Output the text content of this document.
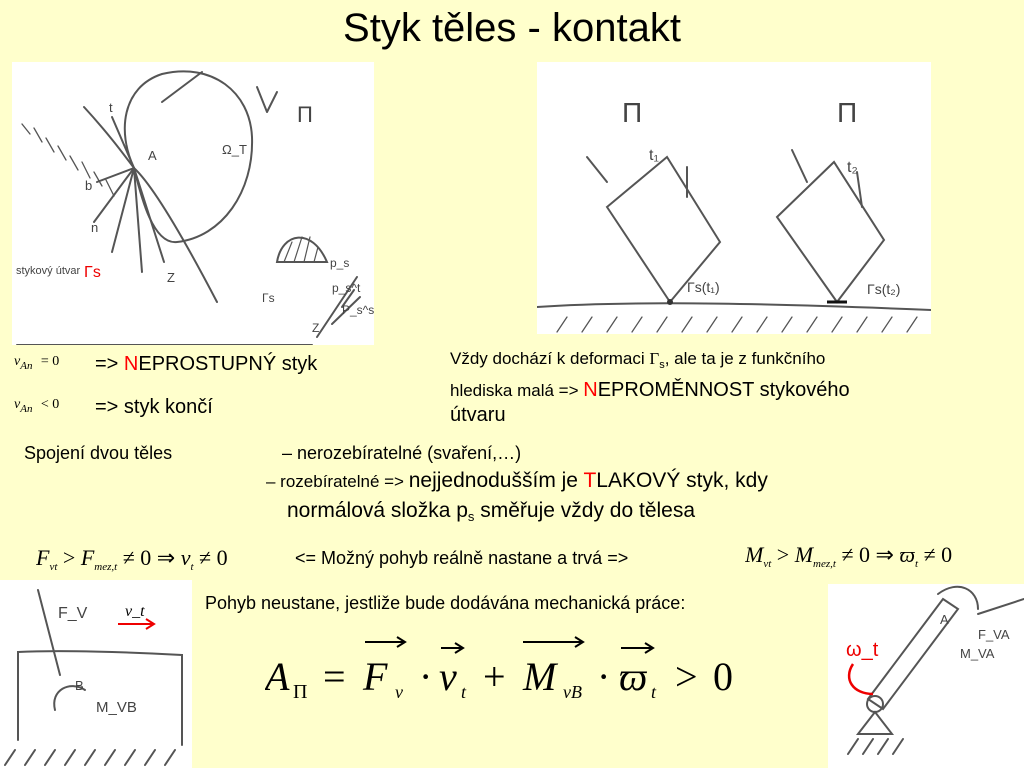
Styk těles - kontakt
t
b
n
A	Ω_T
Π
stykový útvar Γs	Z
p_s
Γs
P_s^s
p_s^t
Z
Π	Π
t₁
t₂
Γs(t₁)	Γs(t₂)
$v_{An} = 0$ => NEPROSTUPNÝ styk
$v_{An} < 0$ => styk končí
Vždy dochází k deformaci $\Gamma_s$, ale ta je z funkčního
hlediska malá => NEPROMĚNNOST stykového
útvaru
Spojení dvou těles	– nerozebíratelné (svaření,…)
– rozebíratelné => nejjednodušším je TLAKOVÝ styk, kdy
normálová složka $p_s$ směřuje vždy do tělesa
$F_{vt} > F_{mez,t} \ne 0$ ⇒ $v_t \ne 0$	<= Možný pohyb reálně nastane a trvá =>	$M_{vt} > M_{mez,t} \ne 0$ ⇒ $ϖ_t \ne 0$
F_V v_t
B
M_VB
Pohyb neustane, jestliže bude dodávána mechanická práce:
A Π = F v · v t + M vB · ϖ t > 0
ω_t
F_VA
M_VA
A
